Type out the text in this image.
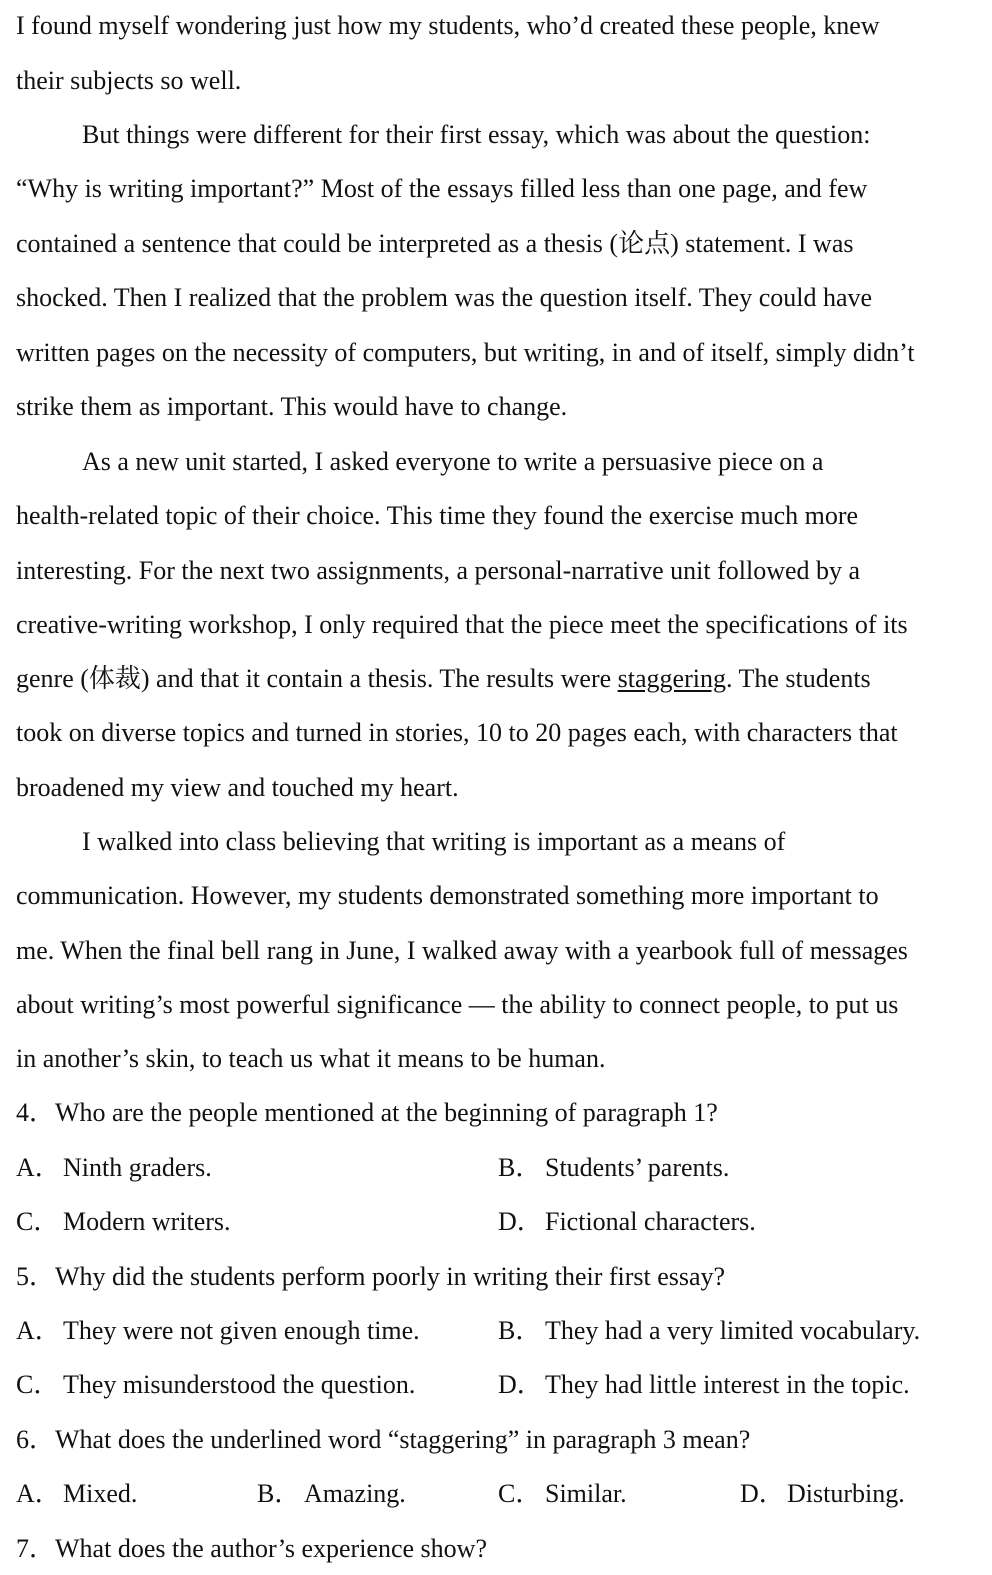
I found myself wondering just how my students, who’d created these people, knew
their subjects so well.
But things were different for their first essay, which was about the question:
“Why is writing important?” Most of the essays filled less than one page, and few
contained a sentence that could be interpreted as a thesis (论点) statement. I was
shocked. Then I realized that the problem was the question itself. They could have
written pages on the necessity of computers, but writing, in and of itself, simply didn’t
strike them as important. This would have to change.
As a new unit started, I asked everyone to write a persuasive piece on a
health-related topic of their choice. This time they found the exercise much more
interesting. For the next two assignments, a personal-narrative unit followed by a
creative-writing workshop, I only required that the piece meet the specifications of its
genre (体裁) and that it contain a thesis. The results were staggering. The students
took on diverse topics and turned in stories, 10 to 20 pages each, with characters that
broadened my view and touched my heart.
I walked into class believing that writing is important as a means of
communication. However, my students demonstrated something more important to
me. When the final bell rang in June, I walked away with a yearbook full of messages
about writing’s most powerful significance — the ability to connect people, to put us
in another’s skin, to teach us what it means to be human.
4．Who are the people mentioned at the beginning of paragraph 1?
A．Ninth graders.	B． Students’ parents.
C． Modern writers.	D．Fictional characters.
5．Why did the students perform poorly in writing their first essay?
A．They were not given enough time.	B． They had a very limited vocabulary.
C． They misunderstood the question.	D．They had little interest in the topic.
6．What does the underlined word “staggering” in paragraph 3 mean?
A．Mixed.	B． Amazing.	C． Similar.	D．Disturbing.
7．What does the author’s experience show?
